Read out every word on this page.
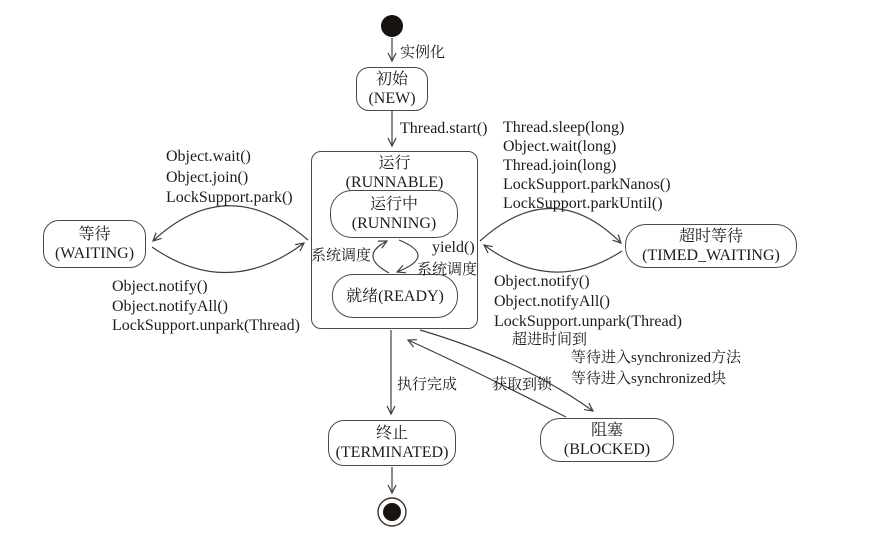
初始
(NEW)
运行
(RUNNABLE)
运行中
(RUNNING)
就绪(READY)
等待
(WAITING)
超时等待
(TIMED_WAITING)
终止
(TERMINATED)
阻塞
(BLOCKED)
实例化
Thread.start()
Object.wait()
Object.join()
LockSupport.park()
Object.notify()
Object.notifyAll()
LockSupport.unpark(Thread)
Thread.sleep(long)
Object.wait(long)
Thread.join(long)
LockSupport.parkNanos()
LockSupport.parkUntil()
Object.notify()
Object.notifyAll()
LockSupport.unpark(Thread)
超进时间到
系统调度	yield()
系统调度
执行完成 获取到锁
等待进入synchronized方法
等待进入synchronized块
